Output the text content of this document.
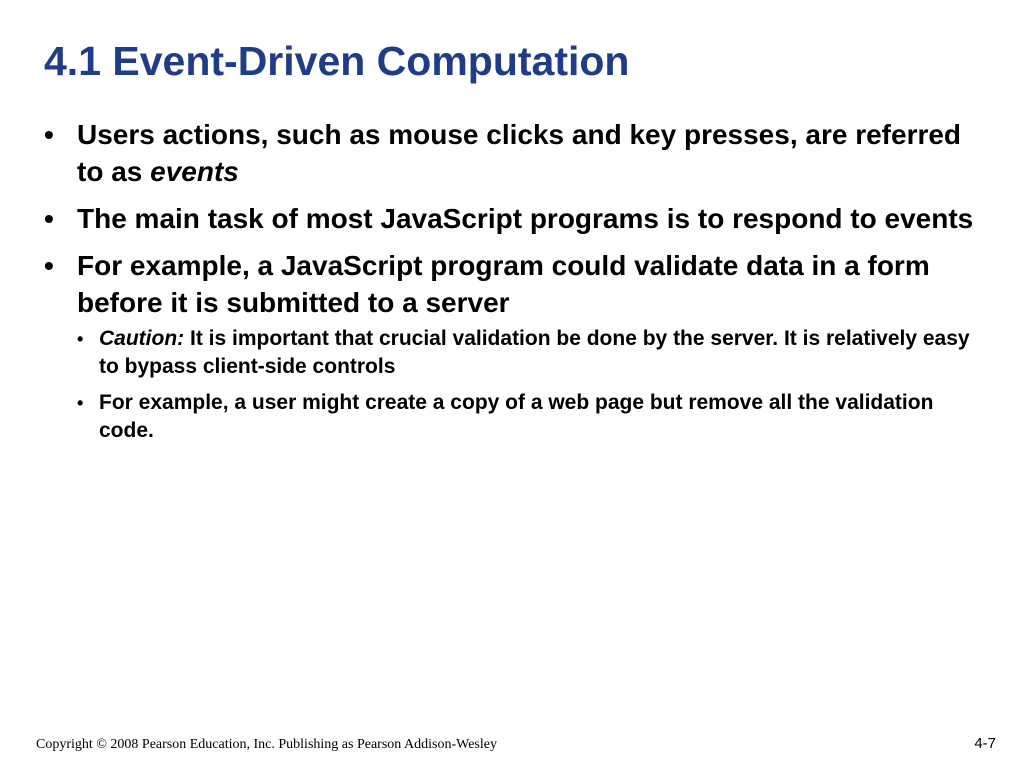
4.1 Event-Driven Computation
• Users actions, such as mouse clicks and key presses, are referred to as events
• The main task of most JavaScript programs is to respond to events
• For example, a JavaScript program could validate data in a form before it is submitted to a server
• Caution: It is important that crucial validation be done by the server. It is relatively easy to bypass client-side controls
• For example, a user might create a copy of a web page but remove all the validation code.
Copyright © 2008 Pearson Education, Inc. Publishing as Pearson Addison-Wesley	4-7
